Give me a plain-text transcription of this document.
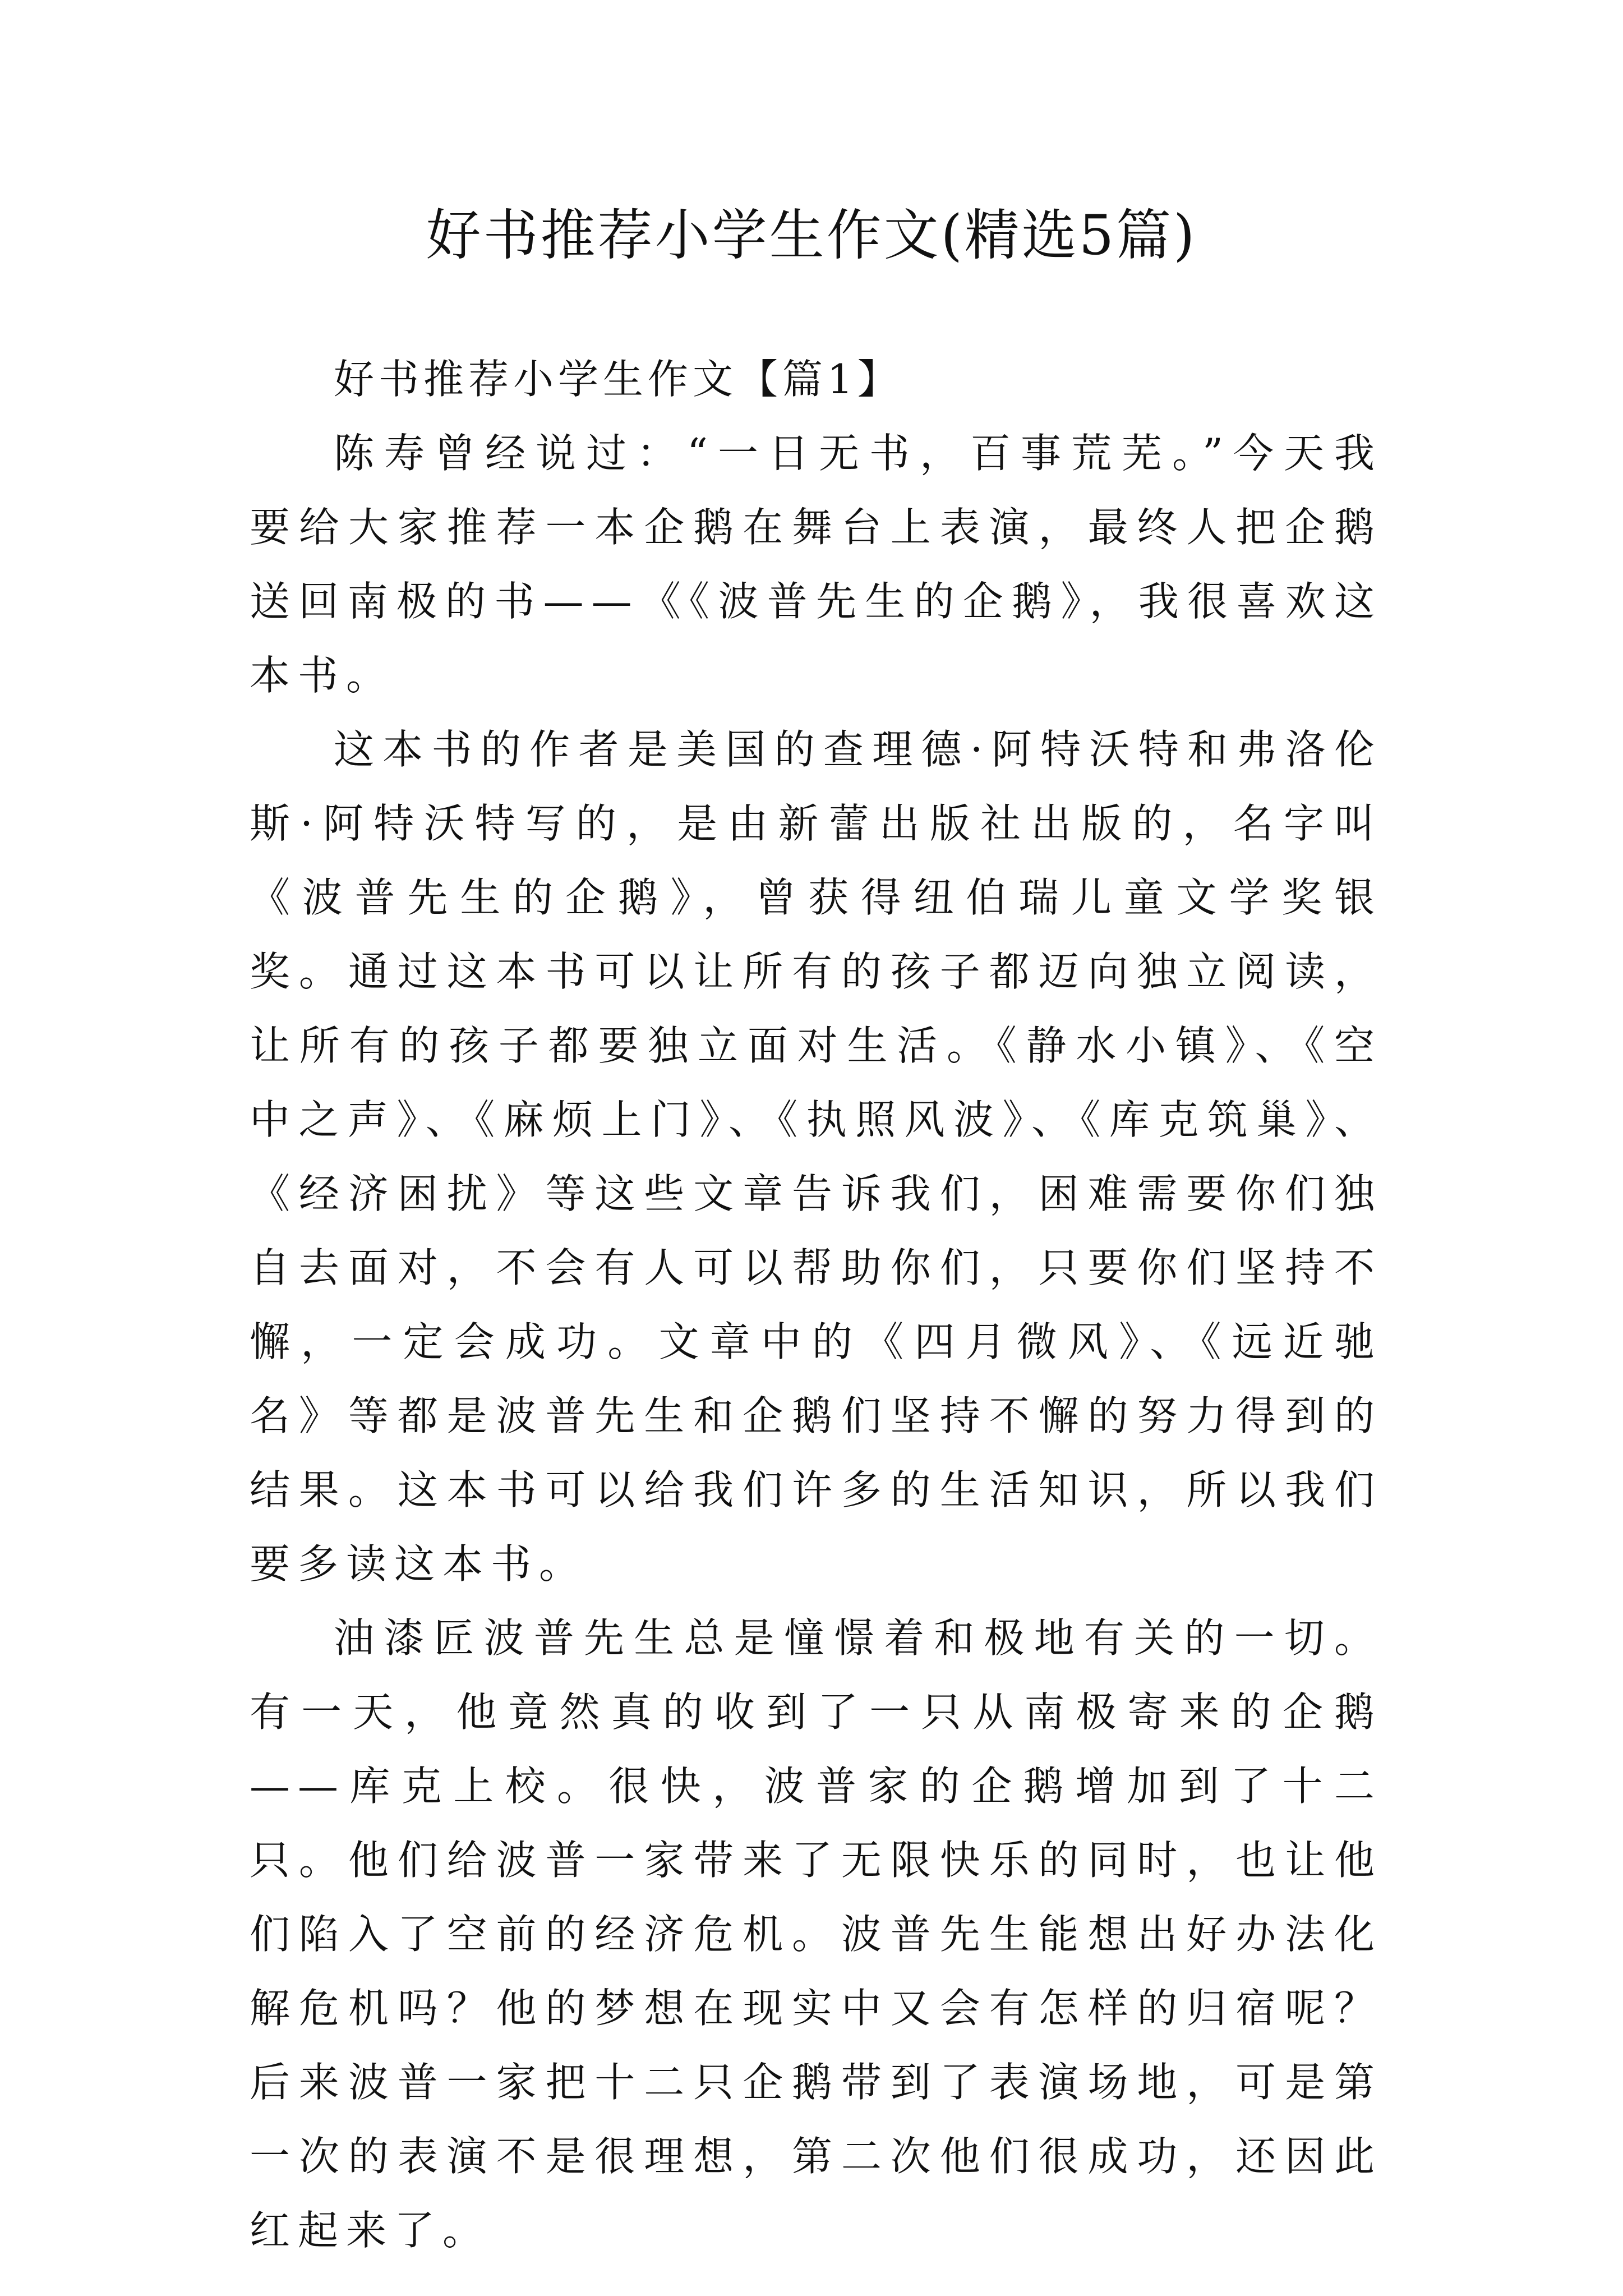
好书推荐小学生作文(精选5篇)

好书推荐小学生作文【篇1】

陈寿曾经说过：“一日无书，百事荒芜。”今天我要给大家推荐一本企鹅在舞台上表演，最终人把企鹅送回南极的书——《《波普先生的企鹅》，我很喜欢这本书。

这本书的作者是美国的查理德·阿特沃特和弗洛伦斯·阿特沃特写的，是由新蕾出版社出版的，名字叫《波普先生的企鹅》，曾获得纽伯瑞儿童文学奖银奖。通过这本书可以让所有的孩子都迈向独立阅读，让所有的孩子都要独立面对生活。《静水小镇》、《空中之声》、《麻烦上门》、《执照风波》、《库克筑巢》、《经济困扰》等这些文章告诉我们，困难需要你们独自去面对，不会有人可以帮助你们，只要你们坚持不懈，一定会成功。文章中的《四月微风》、《远近驰名》等都是波普先生和企鹅们坚持不懈的努力得到的结果。这本书可以给我们许多的生活知识，所以我们要多读这本书。

油漆匠波普先生总是憧憬着和极地有关的一切。有一天，他竟然真的收到了一只从南极寄来的企鹅——库克上校。很快，波普家的企鹅增加到了十二只。他们给波普一家带来了无限快乐的同时，也让他们陷入了空前的经济危机。波普先生能想出好办法化解危机吗？他的梦想在现实中又会有怎样的归宿呢？后来波普一家把十二只企鹅带到了表演场地，可是第一次的表演不是很理想，第二次他们很成功，还因此红起来了。
